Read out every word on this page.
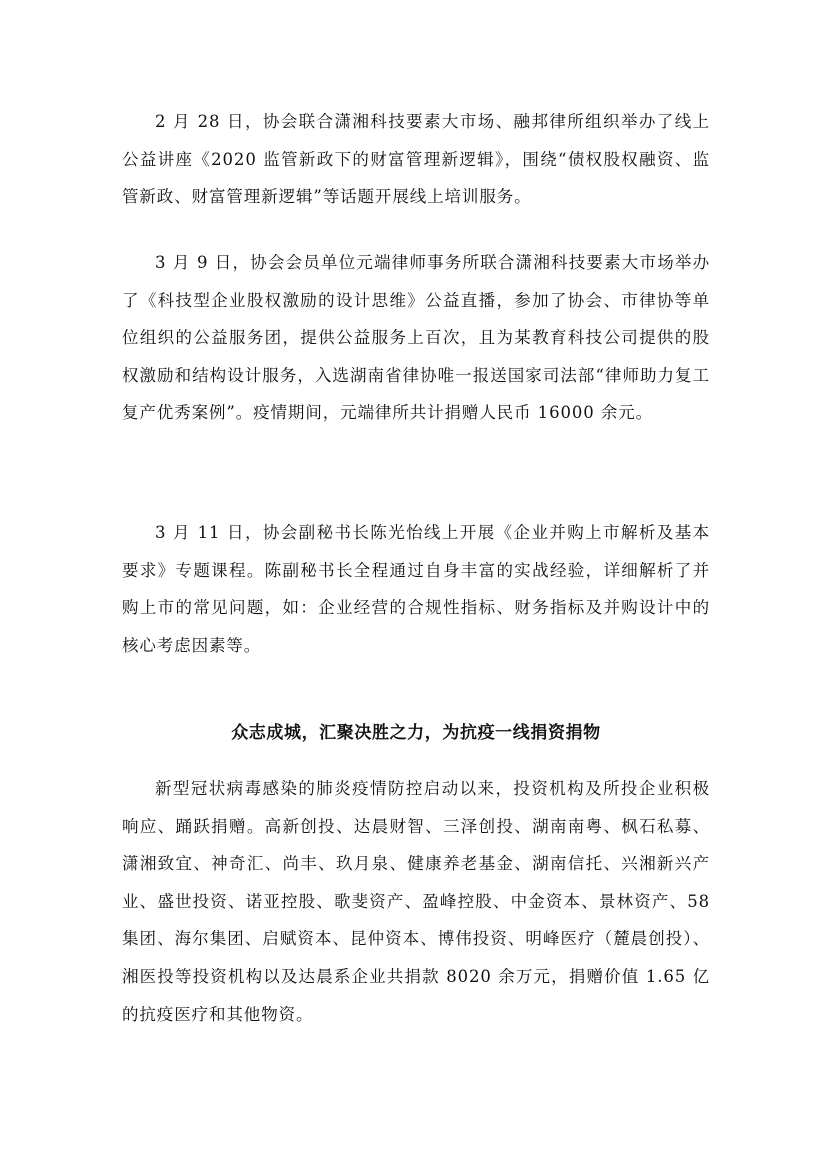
2 月 28 日，协会联合潇湘科技要素大市场、融邦律所组织举办了线上公益讲座《2020 监管新政下的财富管理新逻辑》，围绕“债权股权融资、监管新政、财富管理新逻辑”等话题开展线上培训服务。

3 月 9 日，协会会员单位元端律师事务所联合潇湘科技要素大市场举办了《科技型企业股权激励的设计思维》公益直播，参加了协会、市律协等单位组织的公益服务团，提供公益服务上百次，且为某教育科技公司提供的股权激励和结构设计服务，入选湖南省律协唯一报送国家司法部“律师助力复工复产优秀案例”。疫情期间，元端律所共计捐赠人民币 16000 余元。

3 月 11 日，协会副秘书长陈光怡线上开展《企业并购上市解析及基本要求》专题课程。陈副秘书长全程通过自身丰富的实战经验，详细解析了并购上市的常见问题，如：企业经营的合规性指标、财务指标及并购设计中的核心考虑因素等。

众志成城，汇聚决胜之力，为抗疫一线捐资捐物

新型冠状病毒感染的肺炎疫情防控启动以来，投资机构及所投企业积极响应、踊跃捐赠。高新创投、达晨财智、三泽创投、湖南南粤、枫石私募、潇湘致宜、神奇汇、尚丰、玖月泉、健康养老基金、湖南信托、兴湘新兴产业、盛世投资、诺亚控股、歌斐资产、盈峰控股、中金资本、景林资产、58 集团、海尔集团、启赋资本、昆仲资本、博伟投资、明峰医疗（麓晨创投）、湘医投等投资机构以及达晨系企业共捐款 8020 余万元，捐赠价值 1.65 亿的抗疫医疗和其他物资。
